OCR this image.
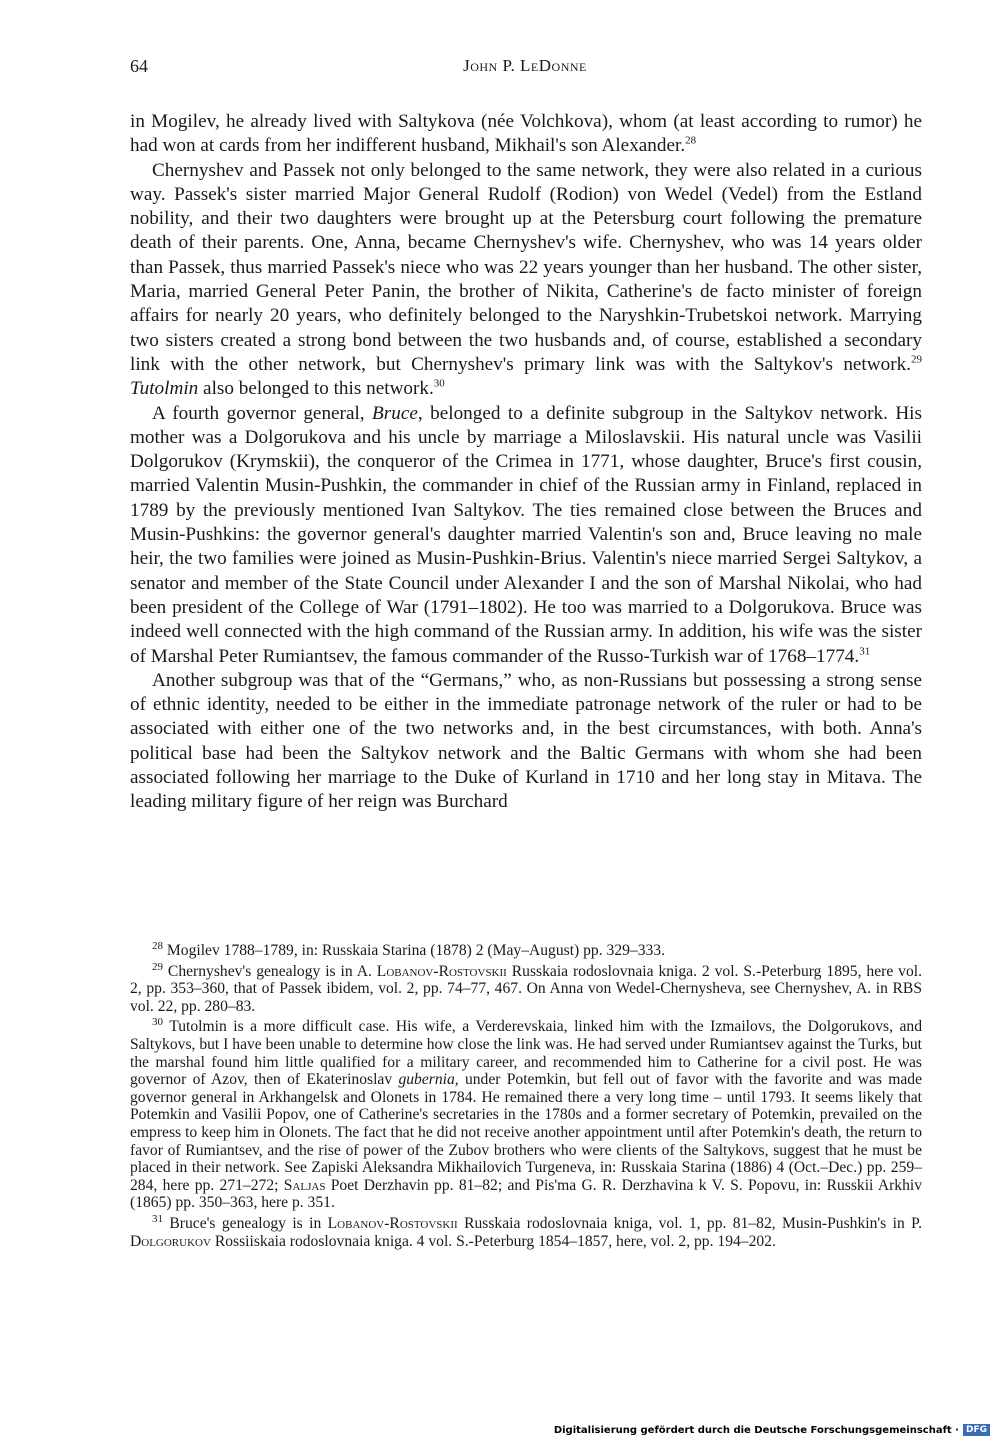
64	John P. LeDonne

in Mogilev, he already lived with Saltykova (née Volchkova), whom (at least according to rumor) he had won at cards from her indifferent husband, Mikhail's son Alexander.$^{28}$

Chernyshev and Passek not only belonged to the same network, they were also related in a curious way. Passek's sister married Major General Rudolf (Rodion) von Wedel (Vedel) from the Estland nobility, and their two daughters were brought up at the Petersburg court following the premature death of their parents. One, Anna, became Chernyshev's wife. Chernyshev, who was 14 years older than Passek, thus married Passek's niece who was 22 years younger than her husband. The other sister, Maria, married General Peter Panin, the brother of Nikita, Catherine's de facto minister of foreign affairs for nearly 20 years, who definitely belonged to the Naryshkin-Trubetskoi network. Marrying two sisters created a strong bond between the two husbands and, of course, established a secondary link with the other network, but Chernyshev's primary link was with the Saltykov's network.$^{29}$ Tutolmin also belonged to this network.$^{30}$

A fourth governor general, Bruce, belonged to a definite subgroup in the Saltykov network. His mother was a Dolgorukova and his uncle by marriage a Miloslavskii. His natural uncle was Vasilii Dolgorukov (Krymskii), the conqueror of the Crimea in 1771, whose daughter, Bruce's first cousin, married Valentin Musin-Pushkin, the commander in chief of the Russian army in Finland, replaced in 1789 by the previously mentioned Ivan Saltykov. The ties remained close between the Bruces and Musin-Pushkins: the governor general's daughter married Valentin's son and, Bruce leaving no male heir, the two families were joined as Musin-Pushkin-Brius. Valentin's niece married Sergei Saltykov, a senator and member of the State Council under Alexander I and the son of Marshal Nikolai, who had been president of the College of War (1791–1802). He too was married to a Dolgorukova. Bruce was indeed well connected with the high command of the Russian army. In addition, his wife was the sister of Marshal Peter Rumiantsev, the famous commander of the Russo-Turkish war of 1768–1774.31

Another subgroup was that of the “Germans,” who, as non-Russians but possessing a strong sense of ethnic identity, needed to be either in the immediate patronage network of the ruler or had to be associated with either one of the two networks and, in the best circumstances, with both. Anna's political base had been the Saltykov network and the Baltic Germans with whom she had been associated following her marriage to the Duke of Kurland in 1710 and her long stay in Mitava. The leading military figure of her reign was Burchard

$^{28}$ Mogilev 1788–1789, in: Russkaia Starina (1878) 2 (May–August) pp. 329–333.

$^{29}$ Chernyshev's genealogy is in A. Lobanov-Rostovskii Russkaia rodoslovnaia kniga. 2 vol. S.-Peterburg 1895, here vol. 2, pp. 353–360, that of Passek ibidem, vol. 2, pp. 74–77, 467. On Anna von Wedel-Chernysheva, see Chernyshev, A. in RBS vol. 22, pp. 280–83.

$^{30}$ Tutolmin is a more difficult case. His wife, a Verderevskaia, linked him with the Izmailovs, the Dolgorukovs, and Saltykovs, but I have been unable to determine how close the link was. He had served under Rumiantsev against the Turks, but the marshal found him little qualified for a military career, and recommended him to Catherine for a civil post. He was governor of Azov, then of Ekaterinoslav gubernia, under Potemkin, but fell out of favor with the favorite and was made governor general in Arkhangelsk and Olonets in 1784. He remained there a very long time – until 1793. It seems likely that Potemkin and Vasilii Popov, one of Catherine's secretaries in the 1780s and a former secretary of Potemkin, prevailed on the empress to keep him in Olonets. The fact that he did not receive another appointment until after Potemkin's death, the return to favor of Rumiantsev, and the rise of power of the Zubov brothers who were clients of the Saltykovs, suggest that he must be placed in their network. See Zapiski Aleksandra Mikhailovich Turgeneva, in: Russkaia Starina (1886) 4 (Oct.–Dec.) pp. 259–284, here pp. 271–272; Saljas Poet Derzhavin pp. 81–82; and Pis'ma G. R. Derzhavina k V. S. Popovu, in: Russkii Arkhiv (1865) pp. 350–363, here p. 351.

$^{31}$ Bruce's genealogy is in Lobanov-Rostovskii Russkaia rodoslovnaia kniga, vol. 1, pp. 81–82, Musin-Pushkin's in P. Dolgorukov Rossiiskaia rodoslovnaia kniga. 4 vol. S.-Peterburg 1854–1857, here, vol. 2, pp. 194–202.

Digitalisierung gefördert durch die Deutsche Forschungsgemeinschaft · DFG
